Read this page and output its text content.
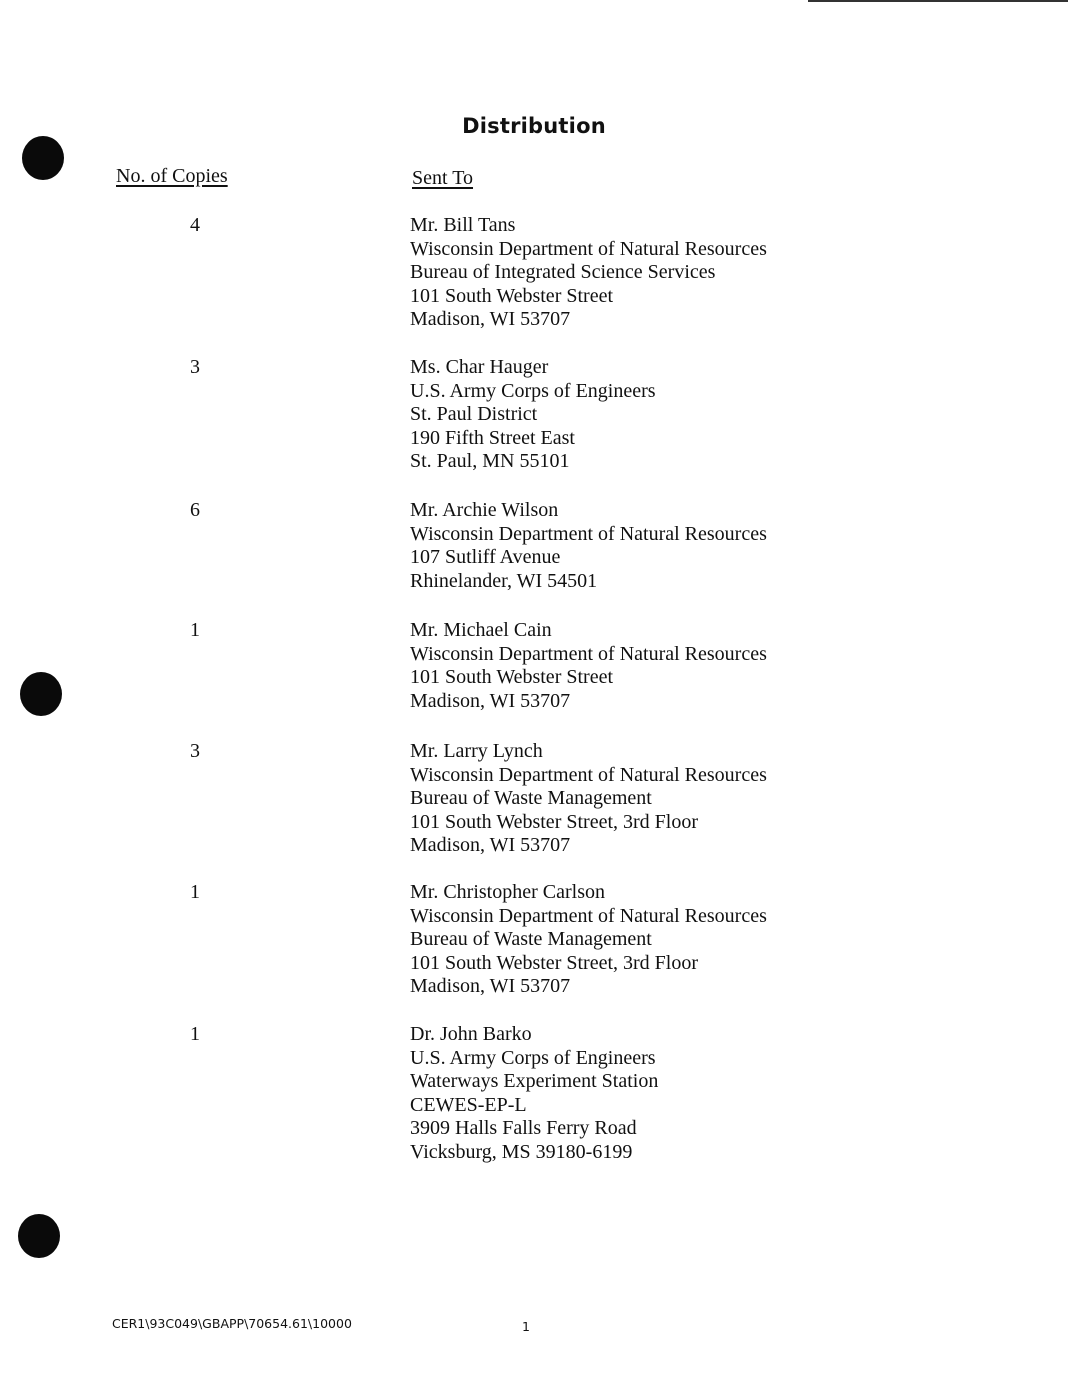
Distribution
No. of Copies	Sent To
4	Mr. Bill Tans
Wisconsin Department of Natural Resources
Bureau of Integrated Science Services
101 South Webster Street
Madison, WI 53707
3	Ms. Char Hauger
U.S. Army Corps of Engineers
St. Paul District
190 Fifth Street East
St. Paul, MN 55101
6	Mr. Archie Wilson
Wisconsin Department of Natural Resources
107 Sutliff Avenue
Rhinelander, WI 54501
1	Mr. Michael Cain
Wisconsin Department of Natural Resources
101 South Webster Street
Madison, WI 53707
3	Mr. Larry Lynch
Wisconsin Department of Natural Resources
Bureau of Waste Management
101 South Webster Street, 3rd Floor
Madison, WI 53707
1	Mr. Christopher Carlson
Wisconsin Department of Natural Resources
Bureau of Waste Management
101 South Webster Street, 3rd Floor
Madison, WI 53707
1	Dr. John Barko
U.S. Army Corps of Engineers
Waterways Experiment Station
CEWES-EP-L
3909 Halls Falls Ferry Road
Vicksburg, MS 39180-6199
CER1\93C049\GBAPP\70654.61\10000	1
